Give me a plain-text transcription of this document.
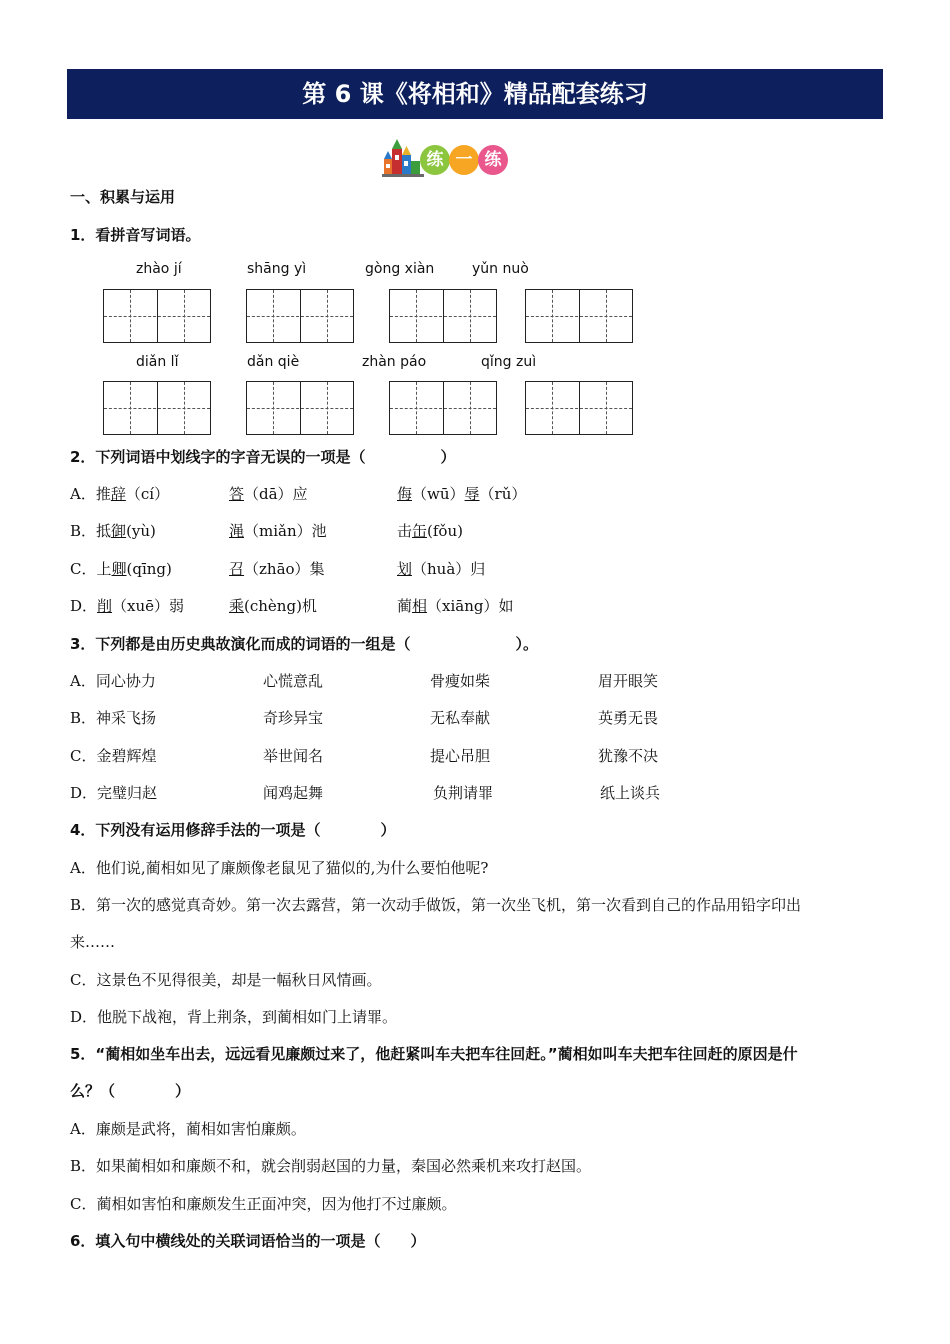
第 6 课《将相和》精品配套练习
练 一 练
一、积累与运用
1．看拼音写词语。
zhào jí	shāng yì	gòng xiàn	yǔn nuò
diǎn lǐ	dǎn qiè	zhàn páo	qǐng zuì
2．下列词语中划线字的字音无误的一项是（　　　　　）
A．推辞（cí）	答（dā）应	侮（wū）辱（rǔ）
B．抵御(yù)	渑（miǎn）池	击缶(fǒu)
C．上卿(qīng)	召（zhāo）集	划（huà）归
D．削（xuē）弱	乘(chèng)机	蔺相（xiāng）如
3．下列都是由历史典故演化而成的词语的一组是（　　　　　　　）。
A．同心协力	心慌意乱	骨瘦如柴	眉开眼笑
B．神采飞扬	奇珍异宝	无私奉献	英勇无畏
C．金碧辉煌	举世闻名	提心吊胆	犹豫不决
D．完璧归赵	闻鸡起舞	负荆请罪	纸上谈兵
4．下列没有运用修辞手法的一项是（　　　　）
A．他们说,蔺相如见了廉颇像老鼠见了猫似的,为什么要怕他呢?
B．第一次的感觉真奇妙。第一次去露营，第一次动手做饭，第一次坐飞机，第一次看到自己的作品用铅字印出
来……
C．这景色不见得很美，却是一幅秋日风情画。
D．他脱下战袍，背上荆条，到蔺相如门上请罪。
5．“蔺相如坐车出去，远远看见廉颇过来了，他赶紧叫车夫把车往回赶。”蔺相如叫车夫把车往回赶的原因是什
么？（　　　　）
A．廉颇是武将，蔺相如害怕廉颇。
B．如果蔺相如和廉颇不和，就会削弱赵国的力量，秦国必然乘机来攻打赵国。
C．蔺相如害怕和廉颇发生正面冲突，因为他打不过廉颇。
6．填入句中横线处的关联词语恰当的一项是（　　）
